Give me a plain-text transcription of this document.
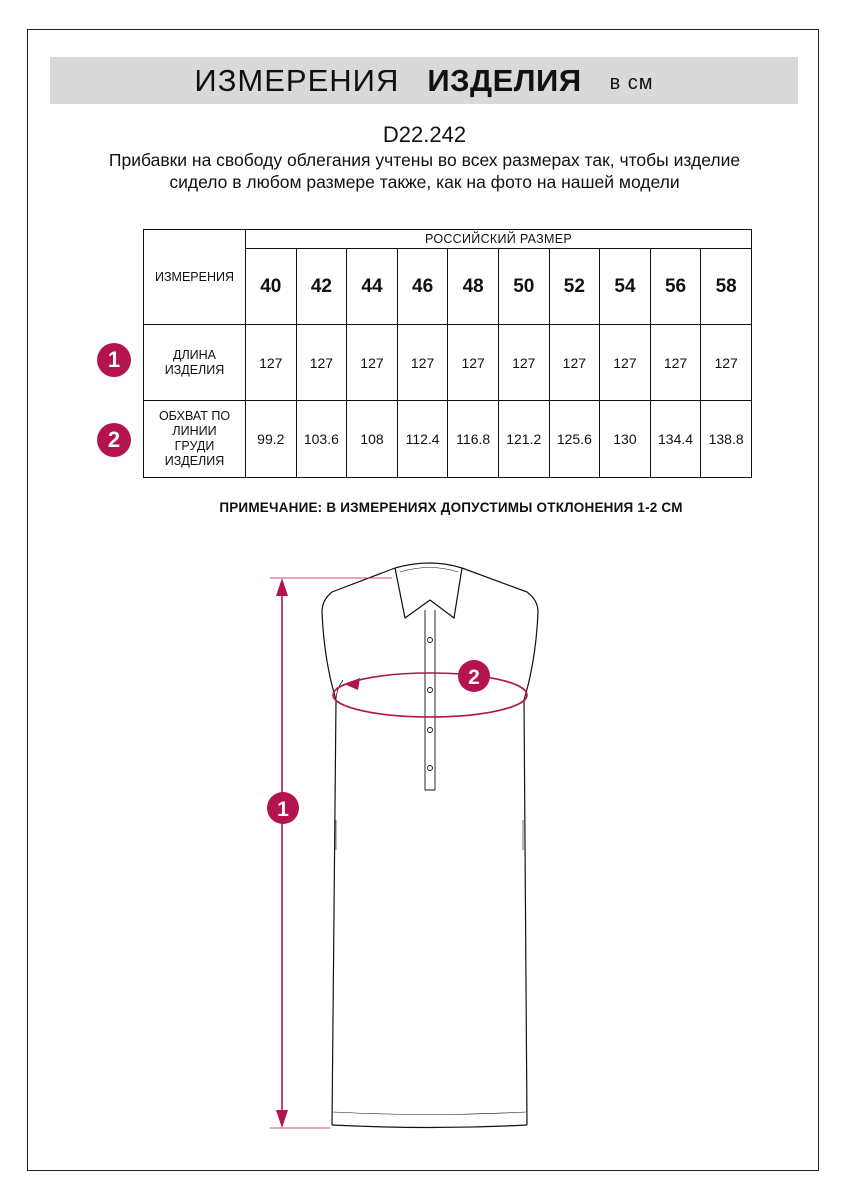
ИЗМЕРЕНИЯ ИЗДЕЛИЯ в см
D22.242
Прибавки на свободу облегания учтены во всех размерах так, чтобы изделие сидело в любом размере также, как на фото на нашей модели
ИЗМЕРЕНИЯ	РОССИЙСКИЙ РАЗМЕР									
	40	42	44	46	48	50	52	54	56	58
ДЛИНА
ИЗДЕЛИЯ	127	127	127	127	127	127	127	127	127	127
ОБХВАТ ПО
ЛИНИИ
ГРУДИ
ИЗДЕЛИЯ	99.2	103.6	108	112.4	116.8	121.2	125.6	130	134.4	138.8
1
2
ПРИМЕЧАНИЕ: В ИЗМЕРЕНИЯХ ДОПУСТИМЫ ОТКЛОНЕНИЯ 1-2 СМ
1
2
